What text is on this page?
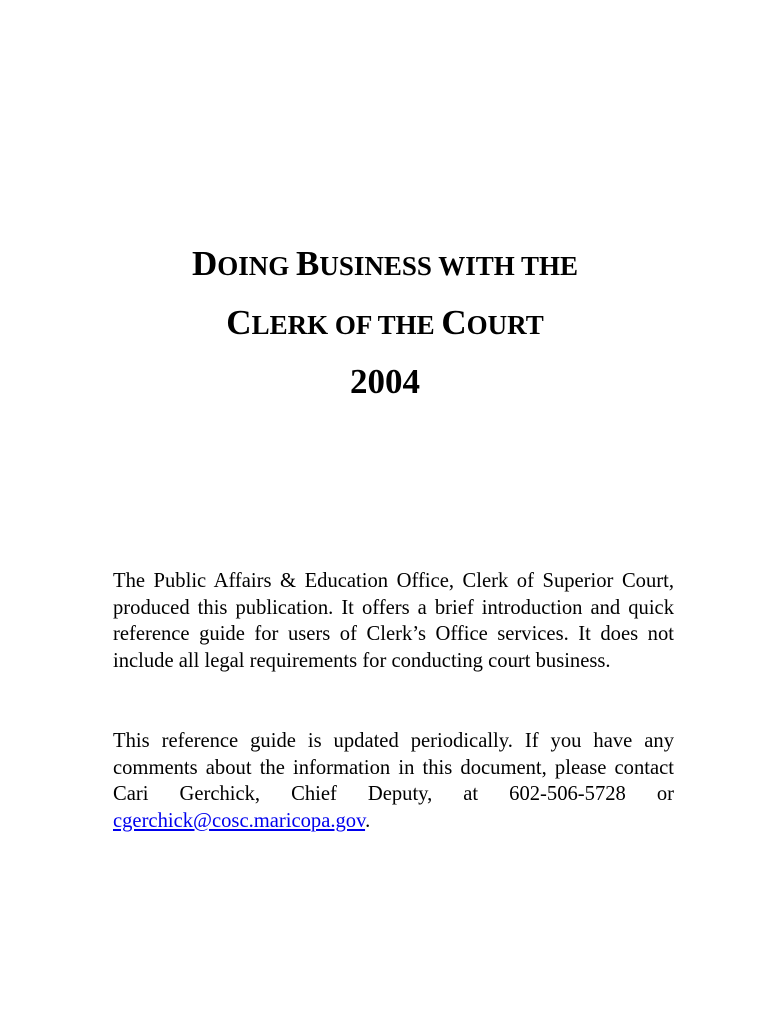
DOING BUSINESS WITH THE
CLERK OF THE COURT
2004

The Public Affairs & Education Office, Clerk of Superior Court, produced this publication. It offers a brief introduction and quick reference guide for users of Clerk’s Office services. It does not include all legal requirements for conducting court business.

This reference guide is updated periodically. If you have any comments about the information in this document, please contact Cari Gerchick, Chief Deputy, at 602-506-5728 or cgerchick@cosc.maricopa.gov.
